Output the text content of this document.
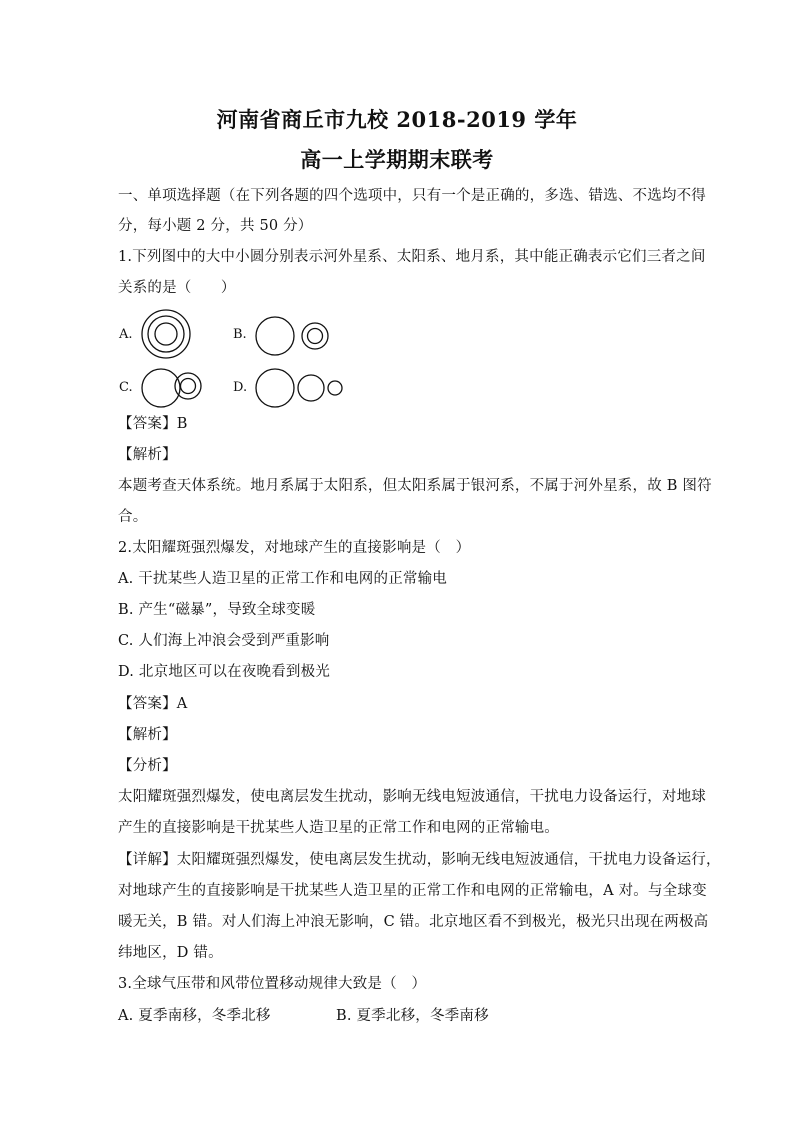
河南省商丘市九校 2018-2019 学年
高一上学期期末联考
一、单项选择题（在下列各题的四个选项中，只有一个是正确的，多选、错选、不选均不得
分，每小题 2 分，共 50 分）
1.下列图中的大中小圆分别表示河外星系、太阳系、地月系，其中能正确表示它们三者之间
关系的是（　　）
A.	B.
C.	D.
【答案】B
【解析】
本题考查天体系统。地月系属于太阳系，但太阳系属于银河系，不属于河外星系，故 B 图符
合。
2.太阳耀斑强烈爆发，对地球产生的直接影响是（　）
A. 干扰某些人造卫星的正常工作和电网的正常输电
B. 产生“磁暴”，导致全球变暖
C. 人们海上冲浪会受到严重影响
D. 北京地区可以在夜晚看到极光
【答案】A
【解析】
【分析】
太阳耀斑强烈爆发，使电离层发生扰动，影响无线电短波通信，干扰电力设备运行，对地球
产生的直接影响是干扰某些人造卫星的正常工作和电网的正常输电。
【详解】太阳耀斑强烈爆发，使电离层发生扰动，影响无线电短波通信，干扰电力设备运行，
对地球产生的直接影响是干扰某些人造卫星的正常工作和电网的正常输电，A 对。与全球变
暖无关，B 错。对人们海上冲浪无影响，C 错。北京地区看不到极光，极光只出现在两极高
纬地区，D 错。
3.全球气压带和风带位置移动规律大致是（　）
A. 夏季南移，冬季北移	B. 夏季北移，冬季南移
